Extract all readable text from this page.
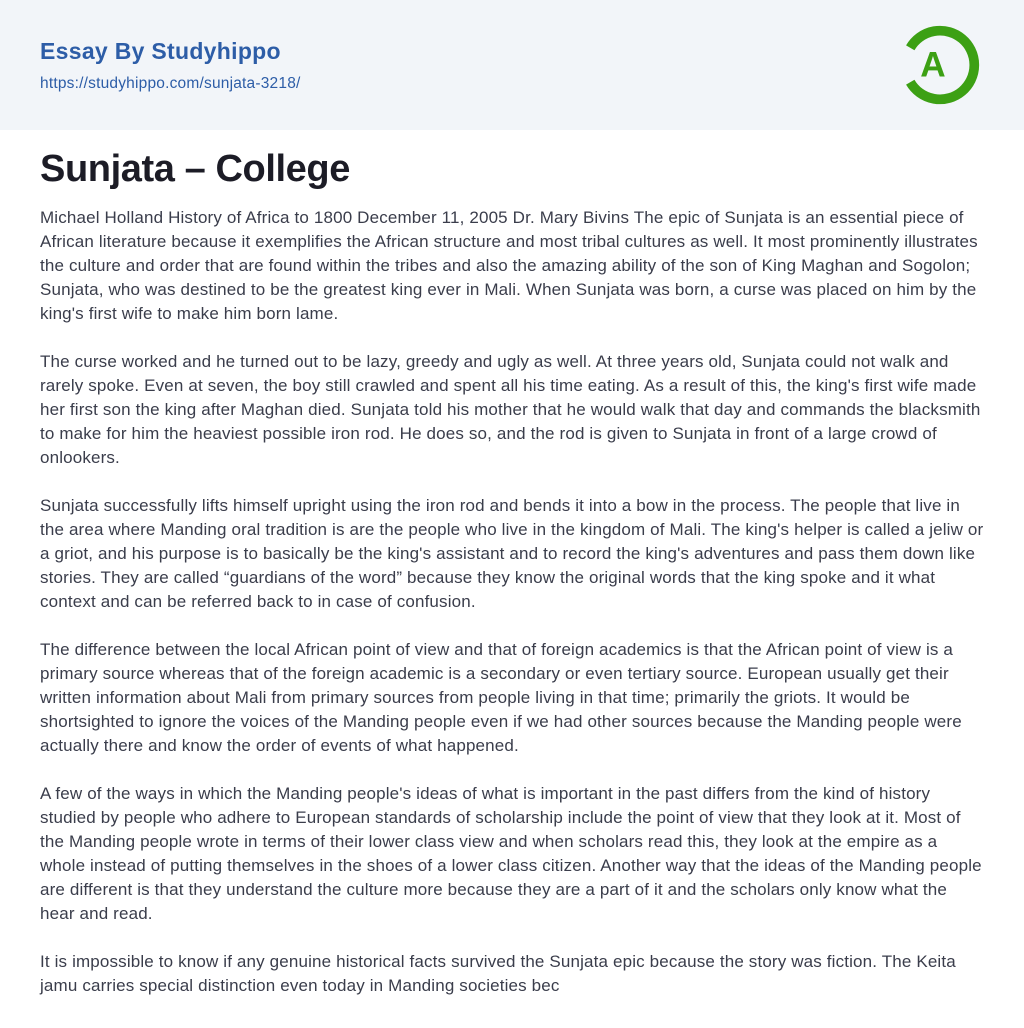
Essay By Studyhippo
https://studyhippo.com/sunjata-3218/	A
Sunjata – College

Michael Holland History of Africa to 1800 December 11, 2005 Dr. Mary Bivins The epic of Sunjata is an essential piece of African literature because it exemplifies the African structure and most tribal cultures as well. It most prominently illustrates the culture and order that are found within the tribes and also the amazing ability of the son of King Maghan and Sogolon; Sunjata, who was destined to be the greatest king ever in Mali. When Sunjata was born, a curse was placed on him by the king's first wife to make him born lame.

The curse worked and he turned out to be lazy, greedy and ugly as well. At three years old, Sunjata could not walk and rarely spoke. Even at seven, the boy still crawled and spent all his time eating. As a result of this, the king's first wife made her first son the king after Maghan died. Sunjata told his mother that he would walk that day and commands the blacksmith to make for him the heaviest possible iron rod. He does so, and the rod is given to Sunjata in front of a large crowd of onlookers.

Sunjata successfully lifts himself upright using the iron rod and bends it into a bow in the process. The people that live in the area where Manding oral tradition is are the people who live in the kingdom of Mali. The king's helper is called a jeliw or a griot, and his purpose is to basically be the king's assistant and to record the king's adventures and pass them down like stories. They are called “guardians of the word” because they know the original words that the king spoke and it what context and can be referred back to in case of confusion.

The difference between the local African point of view and that of foreign academics is that the African point of view is a primary source whereas that of the foreign academic is a secondary or even tertiary source. European usually get their written information about Mali from primary sources from people living in that time; primarily the griots. It would be shortsighted to ignore the voices of the Manding people even if we had other sources because the Manding people were actually there and know the order of events of what happened.

A few of the ways in which the Manding people's ideas of what is important in the past differs from the kind of history studied by people who adhere to European standards of scholarship include the point of view that they look at it. Most of the Manding people wrote in terms of their lower class view and when scholars read this, they look at the empire as a whole instead of putting themselves in the shoes of a lower class citizen. Another way that the ideas of the Manding people are different is that they understand the culture more because they are a part of it and the scholars only know what the hear and read.

It is impossible to know if any genuine historical facts survived the Sunjata epic because the story was fiction. The Keita jamu carries special distinction even today in Manding societies bec
